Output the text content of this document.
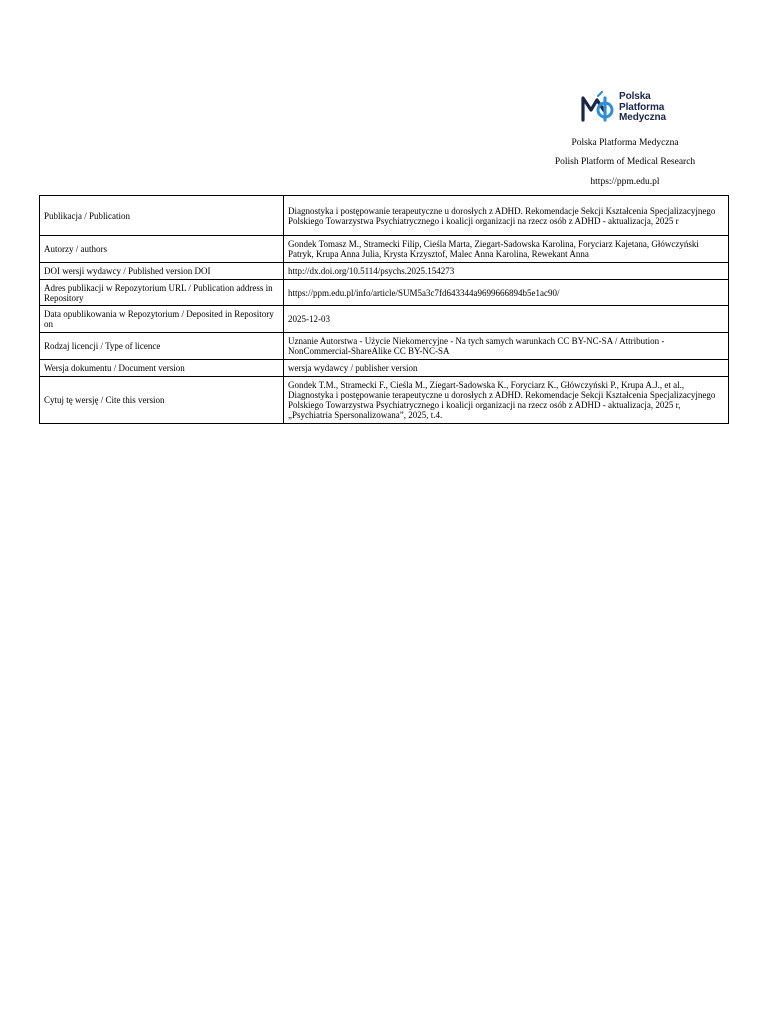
Polska
Platforma
Medyczna
Polska Platforma Medyczna
Polish Platform of Medical Research
https://ppm.edu.pl
Publikacja / Publication	Diagnostyka i postępowanie terapeutyczne u dorosłych z ADHD. Rekomendacje Sekcji Kształcenia Specjalizacyjnego Polskiego Towarzystwa Psychiatrycznego i koalicji organizacji na rzecz osób z ADHD - aktualizacja, 2025 r
Autorzy / authors	Gondek Tomasz M., Stramecki Filip, Cieśla Marta, Ziegart-Sadowska Karolina, Foryciarz Kajetana, Główczyński Patryk, Krupa Anna Julia, Krysta Krzysztof, Malec Anna Karolina, Rewekant Anna
DOI wersji wydawcy / Published version DOI	http://dx.doi.org/10.5114/psychs.2025.154273
Adres publikacji w Repozytorium URL / Publication address in Repository	https://ppm.edu.pl/info/article/SUM5a3c7fd643344a9699666894b5e1ac90/
Data opublikowania w Repozytorium / Deposited in Repository on	2025-12-03
Rodzaj licencji / Type of licence	Uznanie Autorstwa - Użycie Niekomercyjne - Na tych samych warunkach CC BY-NC-SA / Attribution - NonCommercial-ShareAlike CC BY-NC-SA
Wersja dokumentu / Document version	wersja wydawcy / publisher version
Cytuj tę wersję / Cite this version	Gondek T.M., Stramecki F., Cieśla M., Ziegart-Sadowska K., Foryciarz K., Główczyński P., Krupa A.J., et al., Diagnostyka i postępowanie terapeutyczne u dorosłych z ADHD. Rekomendacje Sekcji Kształcenia Specjalizacyjnego Polskiego Towarzystwa Psychiatrycznego i koalicji organizacji na rzecz osób z ADHD - aktualizacja, 2025 r, „Psychiatria Spersonalizowana”, 2025, t.4.
